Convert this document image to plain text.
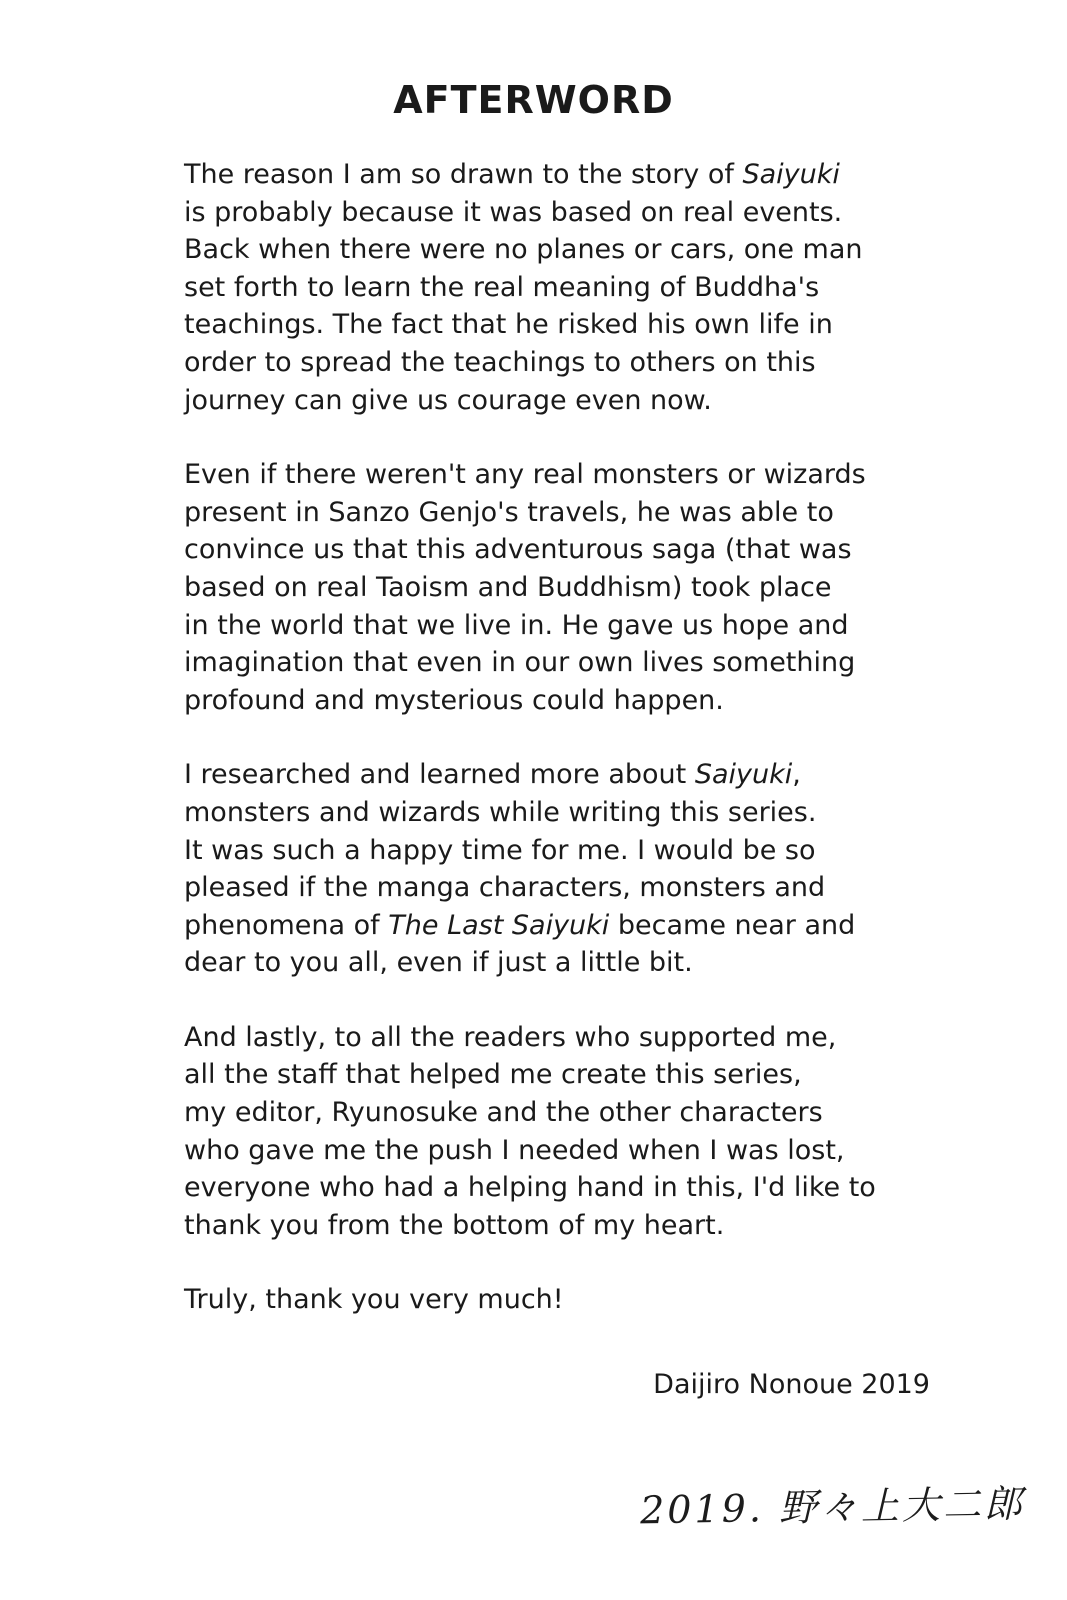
AFTERWORD
The reason I am so drawn to the story of Saiyuki
is probably because it was based on real events.
Back when there were no planes or cars, one man
set forth to learn the real meaning of Buddha's
teachings. The fact that he risked his own life in
order to spread the teachings to others on this
journey can give us courage even now.
Even if there weren't any real monsters or wizards
present in Sanzo Genjo's travels, he was able to
convince us that this adventurous saga (that was
based on real Taoism and Buddhism) took place
in the world that we live in. He gave us hope and
imagination that even in our own lives something
profound and mysterious could happen.
I researched and learned more about Saiyuki,
monsters and wizards while writing this series.
It was such a happy time for me. I would be so
pleased if the manga characters, monsters and
phenomena of The Last Saiyuki became near and
dear to you all, even if just a little bit.
And lastly, to all the readers who supported me,
all the staff that helped me create this series,
my editor, Ryunosuke and the other characters
who gave me the push I needed when I was lost,
everyone who had a helping hand in this, I'd like to
thank you from the bottom of my heart.
Truly, thank you very much!
Daijiro Nonoue 2019
2019. 野々上大二郎
